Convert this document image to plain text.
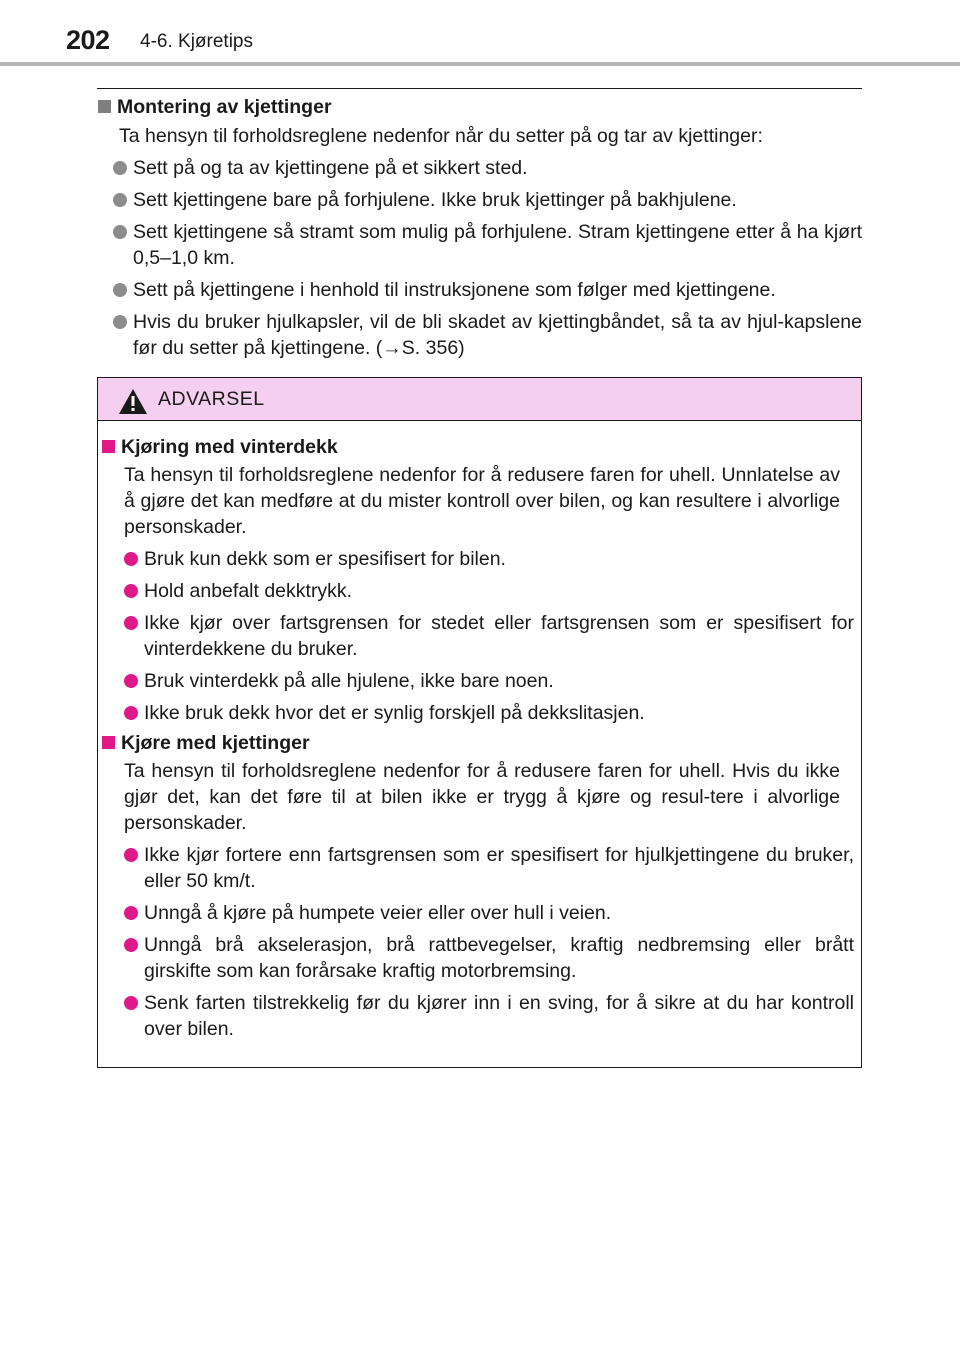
202 4-6. Kjøretips
Montering av kjettinger
Ta hensyn til forholdsreglene nedenfor når du setter på og tar av kjettinger:
Sett på og ta av kjettingene på et sikkert sted.
Sett kjettingene bare på forhjulene. Ikke bruk kjettinger på bakhjulene.
Sett kjettingene så stramt som mulig på forhjulene. Stram kjettingene etter å ha kjørt 0,5–1,0 km.
Sett på kjettingene i henhold til instruksjonene som følger med kjettingene.
Hvis du bruker hjulkapsler, vil de bli skadet av kjettingbåndet, så ta av hjul-kapslene før du setter på kjettingene. (→S. 356)
ADVARSEL
Kjøring med vinterdekk
Ta hensyn til forholdsreglene nedenfor for å redusere faren for uhell. Unnlatelse av å gjøre det kan medføre at du mister kontroll over bilen, og kan resultere i alvorlige personskader.
Bruk kun dekk som er spesifisert for bilen.
Hold anbefalt dekktrykk.
Ikke kjør over fartsgrensen for stedet eller fartsgrensen som er spesifisert for vinterdekkene du bruker.
Bruk vinterdekk på alle hjulene, ikke bare noen.
Ikke bruk dekk hvor det er synlig forskjell på dekkslitasjen.
Kjøre med kjettinger
Ta hensyn til forholdsreglene nedenfor for å redusere faren for uhell. Hvis du ikke gjør det, kan det føre til at bilen ikke er trygg å kjøre og resul-tere i alvorlige personskader.
Ikke kjør fortere enn fartsgrensen som er spesifisert for hjulkjettingene du bruker, eller 50 km/t.
Unngå å kjøre på humpete veier eller over hull i veien.
Unngå brå akselerasjon, brå rattbevegelser, kraftig nedbremsing eller brått girskifte som kan forårsake kraftig motorbremsing.
Senk farten tilstrekkelig før du kjører inn i en sving, for å sikre at du har kontroll over bilen.
